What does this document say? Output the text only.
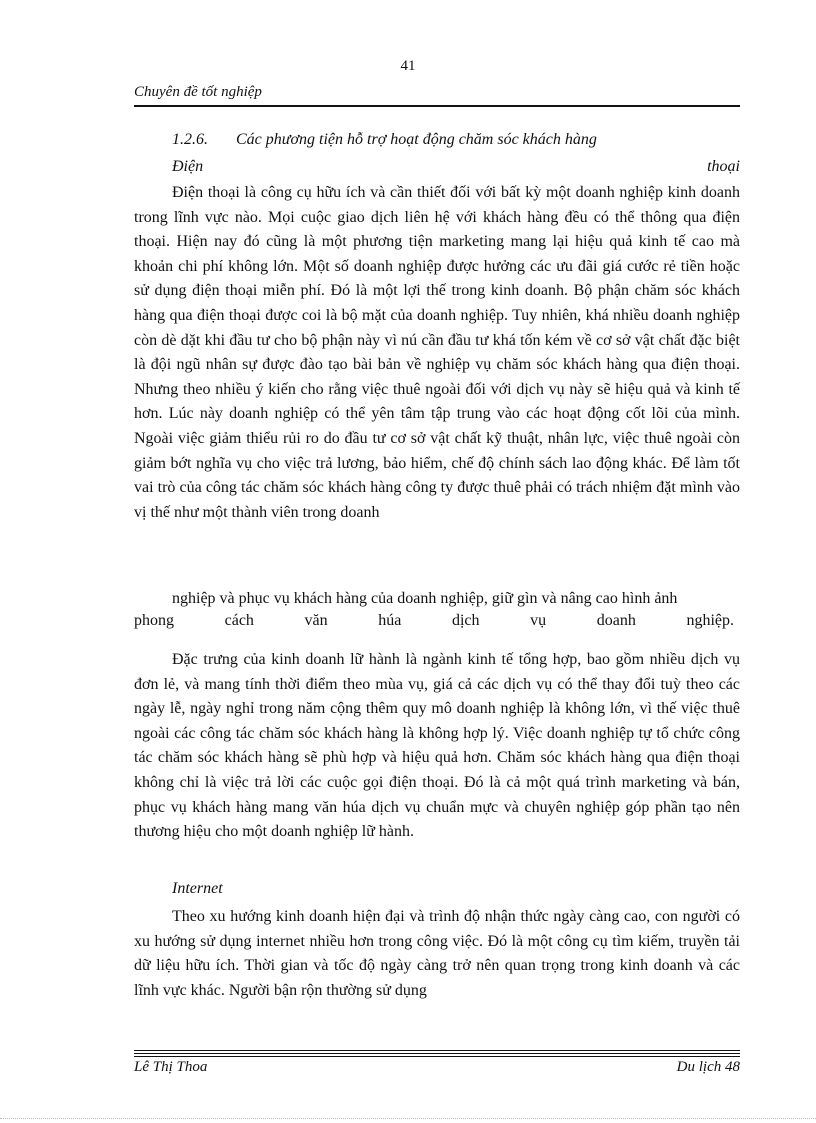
41
Chuyên đề tốt nghiệp
1.2.6. Các phương tiện hỗ trợ hoạt động chăm sóc khách hàng
Điện	thoại
Điện thoại là công cụ hữu ích và cần thiết đối với bất kỳ một doanh nghiệp kinh doanh trong lĩnh vực nào. Mọi cuộc giao dịch liên hệ với khách hàng đều có thể thông qua điện thoại. Hiện nay đó cũng là một phương tiện marketing mang lại hiệu quả kinh tế cao mà khoản chi phí không lớn. Một số doanh nghiệp được hưởng các ưu đãi giá cước rẻ tiền hoặc sử dụng điện thoại miễn phí. Đó là một lợi thế trong kinh doanh. Bộ phận chăm sóc khách hàng qua điện thoại được coi là bộ mặt của doanh nghiệp. Tuy nhiên, khá nhiều doanh nghiệp còn dè dặt khi đầu tư cho bộ phận này vì nú cần đầu tư khá tốn kém về cơ sở vật chất đặc biệt là đội ngũ nhân sự được đào tạo bài bản về nghiệp vụ chăm sóc khách hàng qua điện thoại. Nhưng theo nhiều ý kiến cho rằng việc thuê ngoài đối với dịch vụ này sẽ hiệu quả và kinh tế hơn. Lúc này doanh nghiệp có thể yên tâm tập trung vào các hoạt động cốt lõi của mình. Ngoài việc giảm thiểu rủi ro do đầu tư cơ sở vật chất kỹ thuật, nhân lực, việc thuê ngoài còn giảm bớt nghĩa vụ cho việc trả lương, bảo hiểm, chế độ chính sách lao động khác. Để làm tốt vai trò của công tác chăm sóc khách hàng công ty được thuê phải có trách nhiệm đặt mình vào vị thế như một thành viên trong doanh
nghiệp và phục vụ khách hàng của doanh nghiệp, giữ gìn và nâng cao hình ảnh
phong	cách	văn	húa	dịch	vụ	doanh	nghiệp.
Đặc trưng của kinh doanh lữ hành là ngành kinh tế tổng hợp, bao gồm nhiều dịch vụ đơn lẻ, và mang tính thời điểm theo mùa vụ, giá cả các dịch vụ có thể thay đổi tuỳ theo các ngày lễ, ngày nghỉ trong năm cộng thêm quy mô doanh nghiệp là không lớn, vì thế việc thuê ngoài các công tác chăm sóc khách hàng là không hợp lý. Việc doanh nghiệp tự tổ chức công tác chăm sóc khách hàng sẽ phù hợp và hiệu quả hơn. Chăm sóc khách hàng qua điện thoại không chỉ là việc trả lời các cuộc gọi điện thoại. Đó là cả một quá trình marketing và bán, phục vụ khách hàng mang văn húa dịch vụ chuẩn mực và chuyên nghiệp góp phần tạo nên thương hiệu cho một doanh nghiệp lữ hành.
Internet
Theo xu hướng kinh doanh hiện đại và trình độ nhận thức ngày càng cao, con người có xu hướng sử dụng internet nhiều hơn trong công việc. Đó là một công cụ tìm kiếm, truyền tải dữ liệu hữu ích. Thời gian và tốc độ ngày càng trở nên quan trọng trong kinh doanh và các lĩnh vực khác. Người bận rộn thường sử dụng
Lê Thị Thoa	Du lịch 48
